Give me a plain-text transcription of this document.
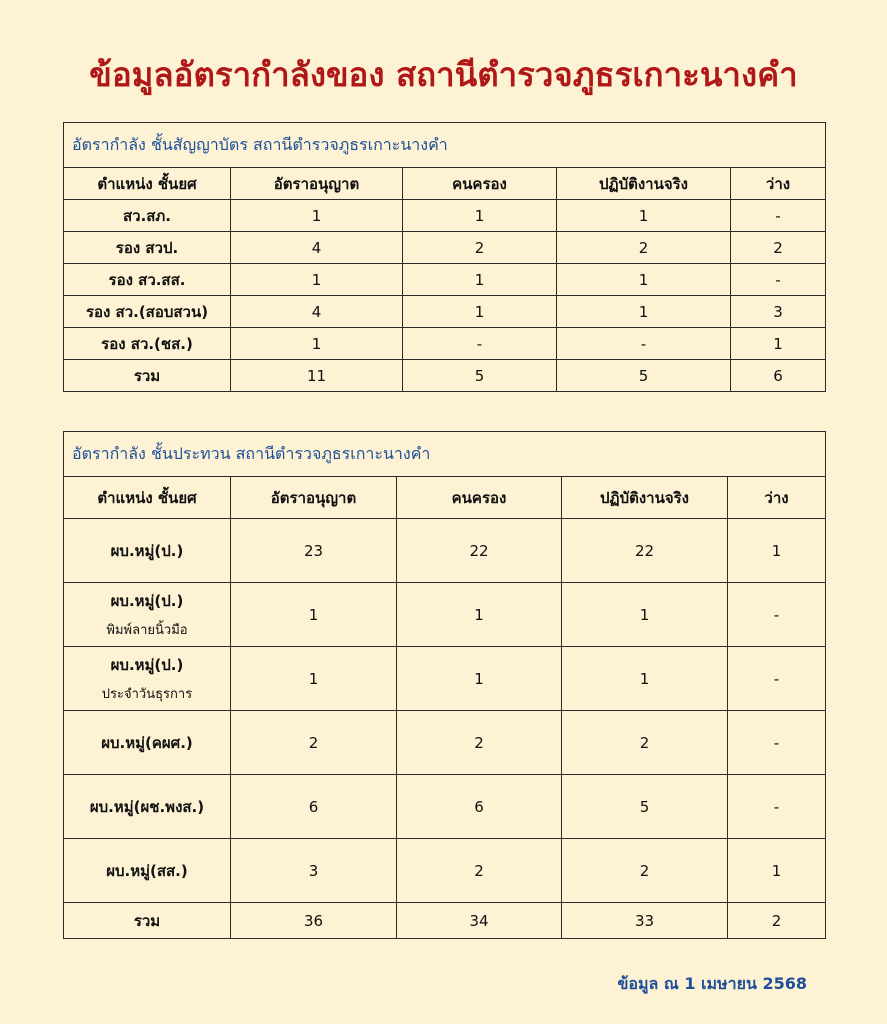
ข้อมูลอัตรากำลังของ สถานีตำรวจภูธรเกาะนางคำ
อัตรากำลัง ชั้นสัญญาบัตร สถานีตำรวจภูธรเกาะนางคำ				
ตำแหน่ง ชั้นยศ	อัตราอนุญาต	คนครอง	ปฏิบัติงานจริง	ว่าง
สว.สภ.	1	1	1	-
รอง สวป.	4	2	2	2
รอง สว.สส.	1	1	1	-
รอง สว.(สอบสวน)	4	1	1	3
รอง สว.(ชส.)	1	-	-	1
รวม	11	5	5	6
อัตรากำลัง ชั้นประทวน สถานีตำรวจภูธรเกาะนางคำ				
ตำแหน่ง ชั้นยศ	อัตราอนุญาต	คนครอง	ปฏิบัติงานจริง	ว่าง
ผบ.หมู่(ป.)	23	22	22	1
ผบ.หมู่(ป.)
พิมพ์ลายนิ้วมือ	1	1	1	-
ผบ.หมู่(ป.)
ประจำวันธุรการ	1	1	1	-
ผบ.หมู่(คผศ.)	2	2	2	-
ผบ.หมู่(ผช.พงส.)	6	6	5	-
ผบ.หมู่(สส.)	3	2	2	1
รวม	36	34	33	2
ข้อมูล ณ 1 เมษายน 2568
